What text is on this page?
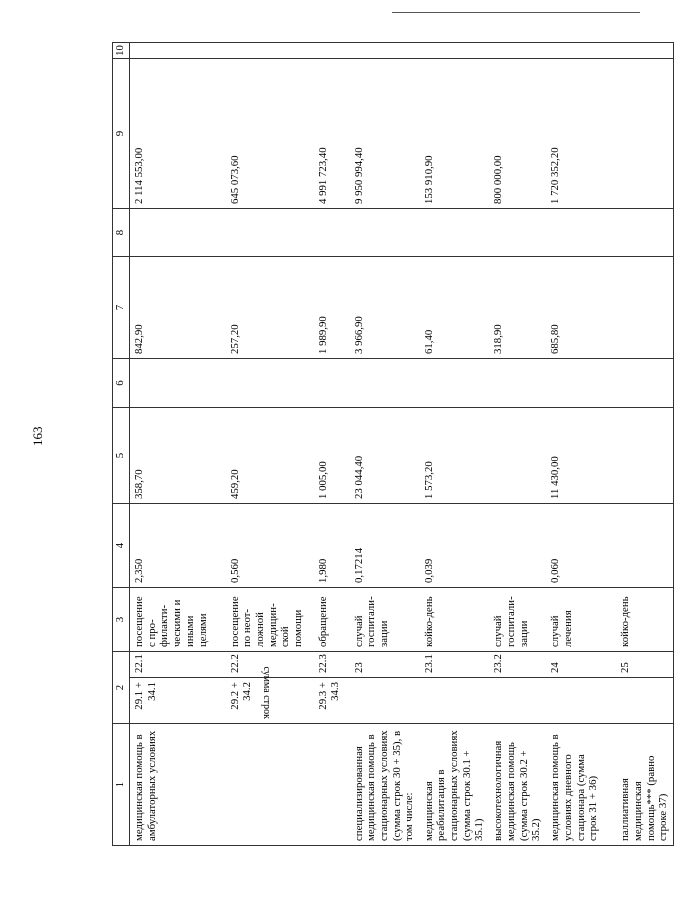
163
1	2		3	4	5	6	7	8	9	10
медицинская помощь в амбулаторных условиях	29.1 + 34.1	22.1	посещение с про-филакти-ческими и иными целями	2,350	358,70		842,90		2 114 553,00	
	29.2 + 34.2 сумма строк	22.2	посещение по неот-ложной медицин-ской помощи	0,560	459,20		257,20		645 073,60	
	29.3 + 34.3	22.3	обращение	1,980	1 005,00		1 989,90		4 991 723,40	
специализированная медицинская помощь в стационарных условиях (сумма строк 30 + 35), в том числе:		23	случай госпитали-зации	0,17214	23 044,40		3 966,90		9 950 994,40	
медицинская реабилитация в стационарных условиях (сумма строк 30.1 + 35.1)		23.1	койко-день	0,039	1 573,20		61,40		153 910,90	
высокотехнологичная медицинская помощь (сумма строк 30.2 + 35.2)		23.2	случай госпитали-зации				318,90		800 000,00	
медицинская помощь в условиях дневного стационара (сумма строк 31 + 36)		24	случай лечения	0,060	11 430,00		685,80		1 720 352,20	
паллиативная медицинская помощь*** (равно строке 37)		25	койко-день							
